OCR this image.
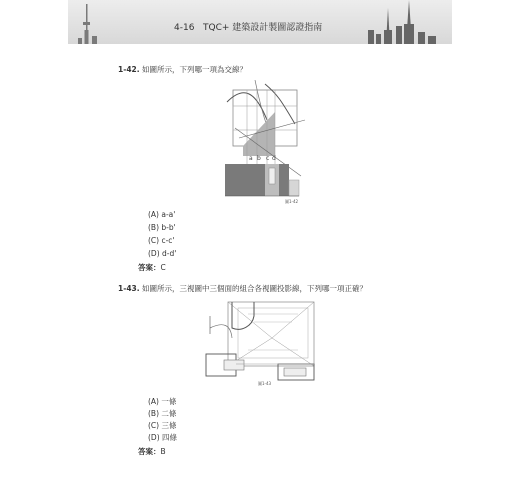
4-16 TQC+ 建築設計製圖認證指南
1-42. 如圖所示，下列哪一項為交線？
a b c d
圖1-42
(A) a-a'
(B) b-b'
(C) c-c'
(D) d-d'
答案：C
1-43. 如圖所示，三視圖中三個面的組合各視圖投影線，下列哪一項正確？
圖1-43
(A) 一條
(B) 二條
(C) 三條
(D) 四條
答案：B
